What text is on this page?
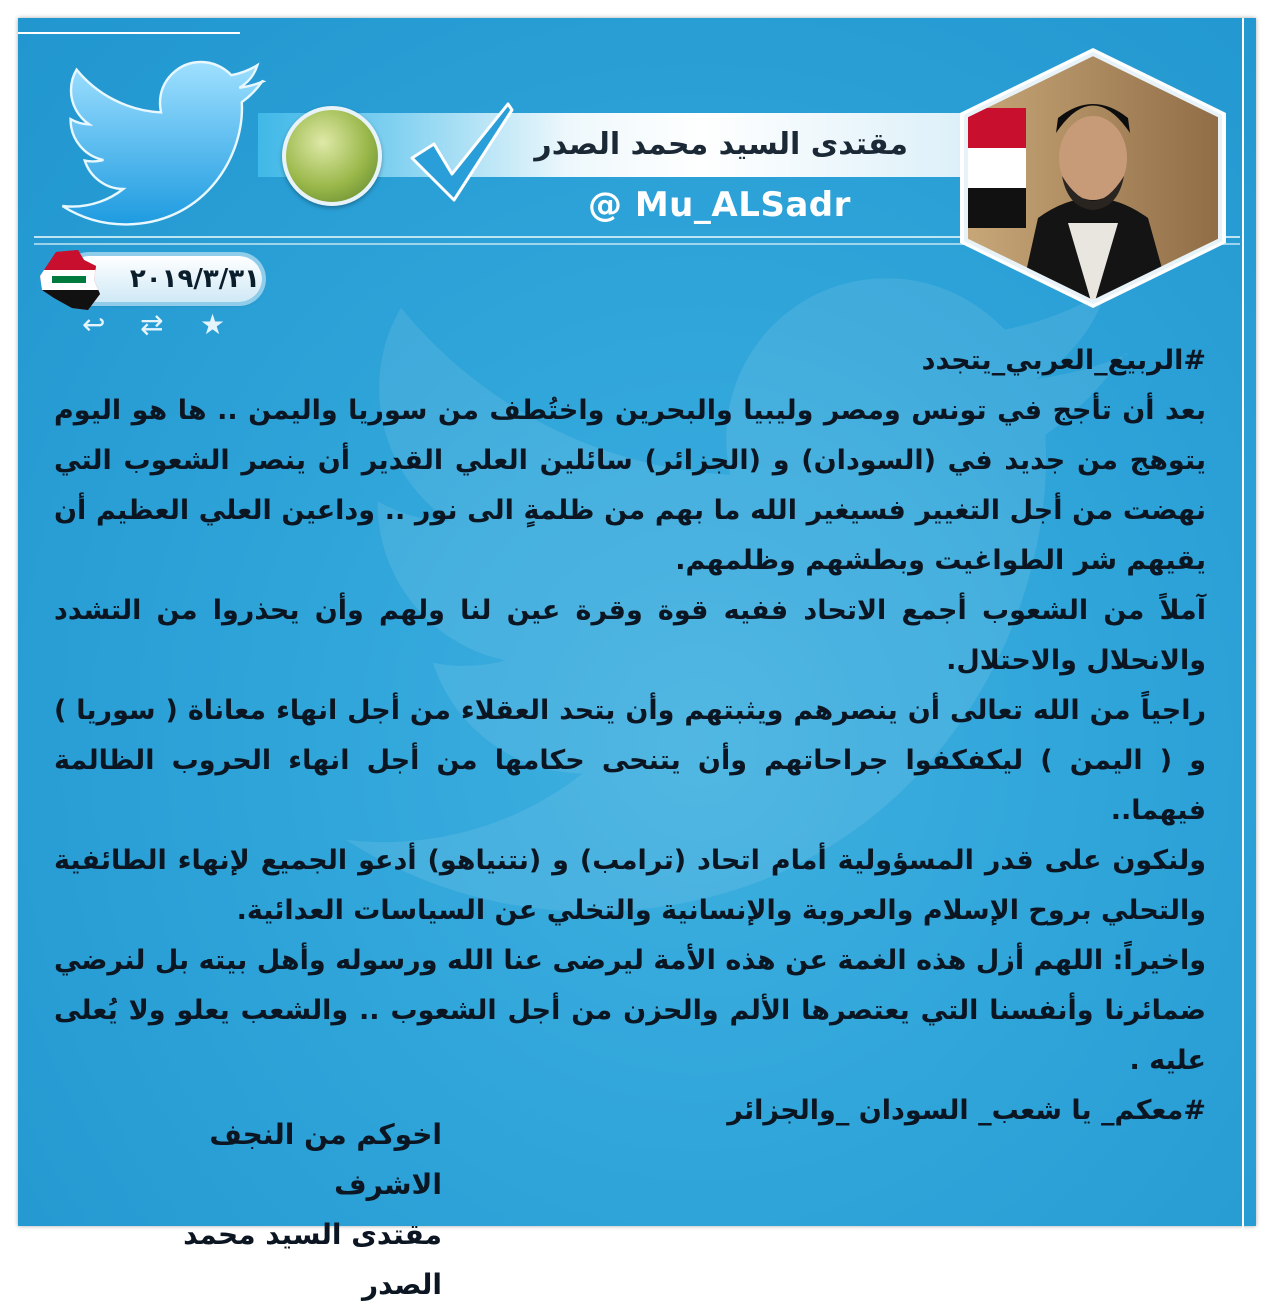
مقتدى السيد محمد الصدر
@ Mu_ALSadr
٢٠١٩/٣/٣١
↩ ⇄ ★

#الربيع_العربي_يتجدد

بعد أن تأجج في تونس ومصر وليبيا والبحرين واختُطف من سوريا واليمن .. ها هو اليوم يتوهج من جديد في (السودان) و (الجزائر) سائلين العلي القدير أن ينصر الشعوب التي نهضت من أجل التغيير فسيغير الله ما بهم من ظلمةٍ الى نور .. وداعين العلي العظيم أن يقيهم شر الطواغيت وبطشهم وظلمهم.

آملاً من الشعوب أجمع الاتحاد ففيه قوة وقرة عين لنا ولهم وأن يحذروا من التشدد والانحلال والاحتلال.

راجياً من الله تعالى أن ينصرهم ويثبتهم وأن يتحد العقلاء من أجل انهاء معاناة ( سوريا ) و ( اليمن ) ليكفكفوا جراحاتهم وأن يتنحى حكامها من أجل انهاء الحروب الظالمة فيهما..

ولنكون على قدر المسؤولية أمام اتحاد (ترامب) و (نتنياهو) أدعو الجميع لإنهاء الطائفية والتحلي بروح الإسلام والعروبة والإنسانية والتخلي عن السياسات العدائية.

واخيراً: اللهم أزل هذه الغمة عن هذه الأمة ليرضى عنا الله ورسوله وأهل بيته بل لنرضي ضمائرنا وأنفسنا التي يعتصرها الألم والحزن من أجل الشعوب .. والشعب يعلو ولا يُعلى عليه .

#معكم_ يا شعب_ السودان _والجزائر

اخوكم من النجف الاشرف

مقتدى السيد محمد الصدر
